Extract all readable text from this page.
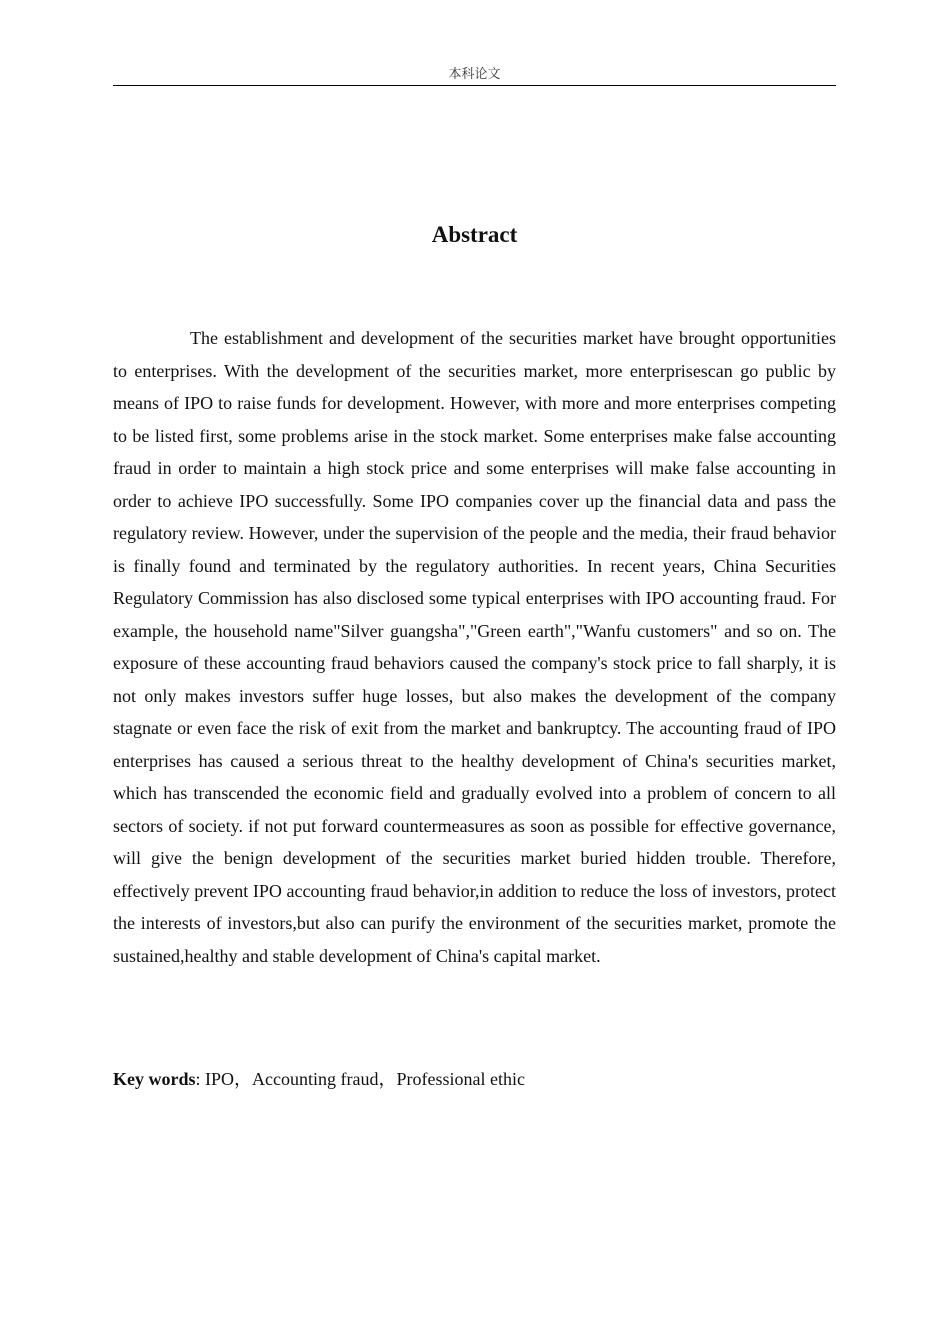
本科论文
Abstract

The establishment and development of the securities market have brought opportunities to enterprises. With the development of the securities market, more enterprisescan go public by means of IPO to raise funds for development. However, with more and more enterprises competing to be listed first, some problems arise in the stock market. Some enterprises make false accounting fraud in order to maintain a high stock price and some enterprises will make false accounting in order to achieve IPO successfully. Some IPO companies cover up the financial data and pass the regulatory review. However, under the supervision of the people and the media, their fraud behavior is finally found and terminated by the regulatory authorities. In recent years, China Securities Regulatory Commission has also disclosed some typical enterprises with IPO accounting fraud. For example, the household name"Silver guangsha","Green earth","Wanfu customers" and so on. The exposure of these accounting fraud behaviors caused the company's stock price to fall sharply, it is not only makes investors suffer huge losses, but also makes the development of the company stagnate or even face the risk of exit from the market and bankruptcy. The accounting fraud of IPO enterprises has caused a serious threat to the healthy development of China's securities market, which has transcended the economic field and gradually evolved into a problem of concern to all sectors of society. if not put forward countermeasures as soon as possible for effective governance, will give the benign development of the securities market buried hidden trouble. Therefore, effectively prevent IPO accounting fraud behavior,in addition to reduce the loss of investors, protect the interests of investors,but also can purify the environment of the securities market, promote the sustained,healthy and stable development of China's capital market.

Key words: IPO，Accounting fraud，Professional ethic
